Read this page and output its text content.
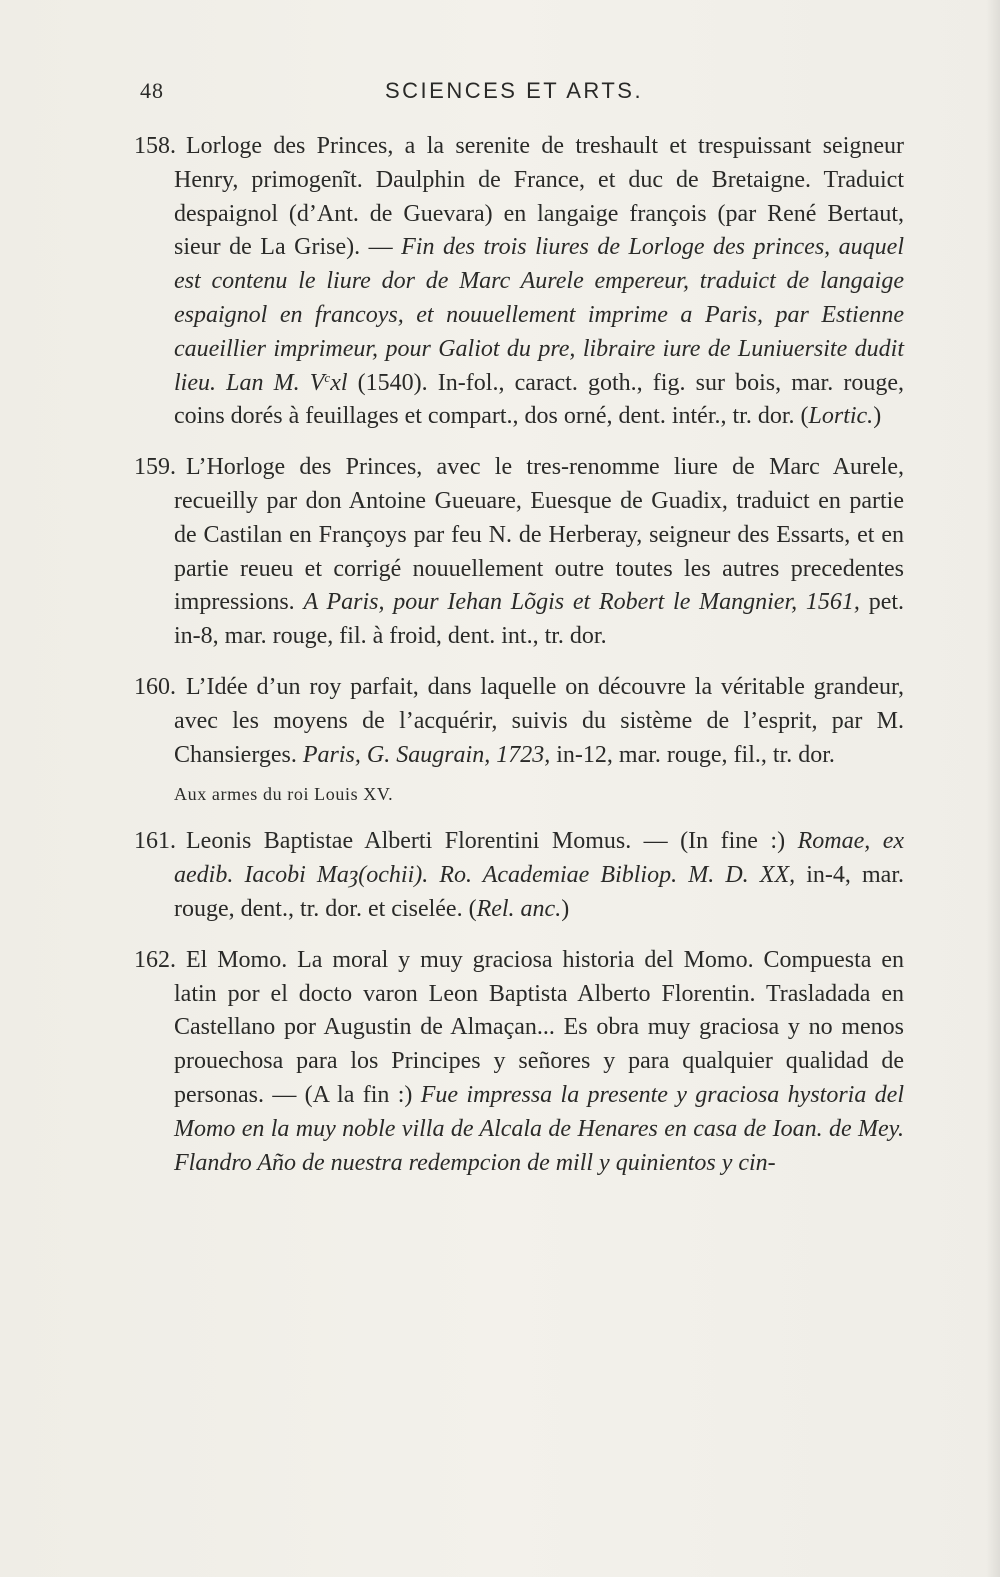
48	SCIENCES ET ARTS.

158. Lorloge des Princes, a la serenite de treshault et trespuissant seigneur Henry, primogenĩt. Daulphin de France, et duc de Bretaigne. Traduict despaignol (d’Ant. de Guevara) en langaige françois (par René Bertaut, sieur de La Grise). — Fin des trois liures de Lorloge des princes, auquel est contenu le liure dor de Marc Aurele empereur, traduict de langaige espaignol en francoys, et nouuellement imprime a Paris, par Estienne caueillier imprimeur, pour Galiot du pre, libraire iure de Luniuersite dudit lieu. Lan M. $V^cxl$ (1540). In-fol., caract. goth., fig. sur bois, mar. rouge, coins dorés à feuillages et compart., dos orné, dent. intér., tr. dor. (Lortic.)

159. L’Horloge des Princes, avec le tres-renomme liure de Marc Aurele, recueilly par don Antoine Gueuare, Euesque de Guadix, traduict en partie de Castilan en Françoys par feu N. de Herberay, seigneur des Essarts, et en partie reueu et corrigé nouuellement outre toutes les autres precedentes impressions. A Paris, pour Iehan Lõgis et Robert le Mangnier, 1561, pet. in-8, mar. rouge, fil. à froid, dent. int., tr. dor.

160. L’Idée d’un roy parfait, dans laquelle on découvre la véritable grandeur, avec les moyens de l’acquérir, suivis du sistème de l’esprit, par M. Chansierges. Paris, G. Saugrain, 1723, in-12, mar. rouge, fil., tr. dor.

Aux armes du roi Louis XV.

161. Leonis Baptistae Alberti Florentini Momus. — (In fine :) Romae, ex aedib. Iacobi Maȝ(ochii). Ro. Academiae Bibliop. M. D. XX, in-4, mar. rouge, dent., tr. dor. et ciselée. (Rel. anc.)

162. El Momo. La moral y muy graciosa historia del Momo. Compuesta en latin por el docto varon Leon Baptista Alberto Florentin. Trasladada en Castellano por Augustin de Almaçan... Es obra muy graciosa y no menos prouechosa para los Principes y señores y para qualquier qualidad de personas. — (A la fin :) Fue impressa la presente y graciosa hystoria del Momo en la muy noble villa de Alcala de Henares en casa de Ioan. de Mey. Flandro Año de nuestra redempcion de mill y quinientos y cin-
